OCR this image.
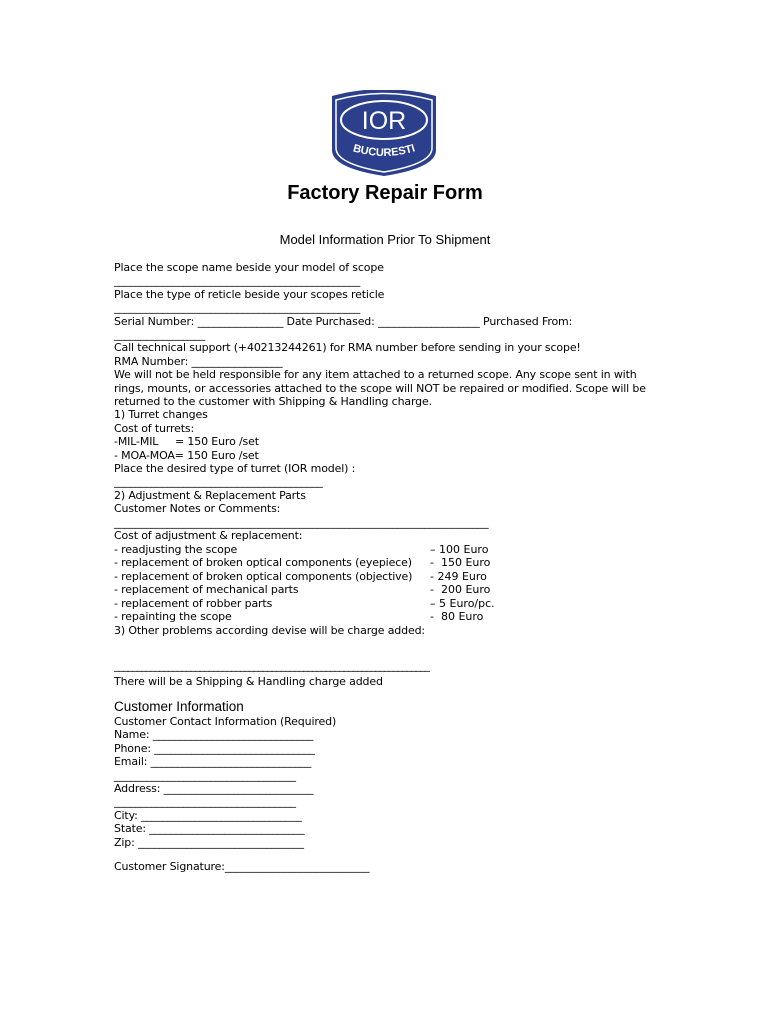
IOR
BUCURESTI
Factory Repair Form
Model Information Prior To Shipment
Place the scope name beside your model of scope
______________________________________________
Place the type of reticle beside your scopes reticle
______________________________________________
Serial Number: ________________ Date Purchased: ___________________ Purchased From:
_________________
Call technical support (+40213244261) for RMA number before sending in your scope!
RMA Number: _________________
We will not be held responsible for any item attached to a returned scope. Any scope sent in with
rings, mounts, or accessories attached to the scope will NOT be repaired or modified. Scope will be
returned to the customer with Shipping & Handling charge.
1) Turret changes
Cost of turrets:
-MIL-MIL     = 150 Euro /set
- MOA-MOA= 150 Euro /set
Place the desired type of turret (IOR model) :
_______________________________________
2) Adjustment & Replacement Parts
Customer Notes or Comments:
______________________________________________________________________
Cost of adjustment & replacement:
- readjusting the scope	– 100 Euro
- replacement of broken optical components (eyepiece) -  150 Euro
- replacement of broken optical components (objective) - 249 Euro
- replacement of mechanical parts	-  200 Euro
- replacement of robber parts	– 5 Euro/pc.
- repainting the scope	-  80 Euro
3) Other problems according devise will be charge added:
______________________________________________________________________
There will be a Shipping & Handling charge added
Customer Information
Customer Contact Information (Required)
Name: ______________________________
Phone: ______________________________
Email: ______________________________
__________________________________
Address: ____________________________
__________________________________
City: ______________________________
State: _____________________________
Zip: _______________________________
Customer Signature:___________________________
